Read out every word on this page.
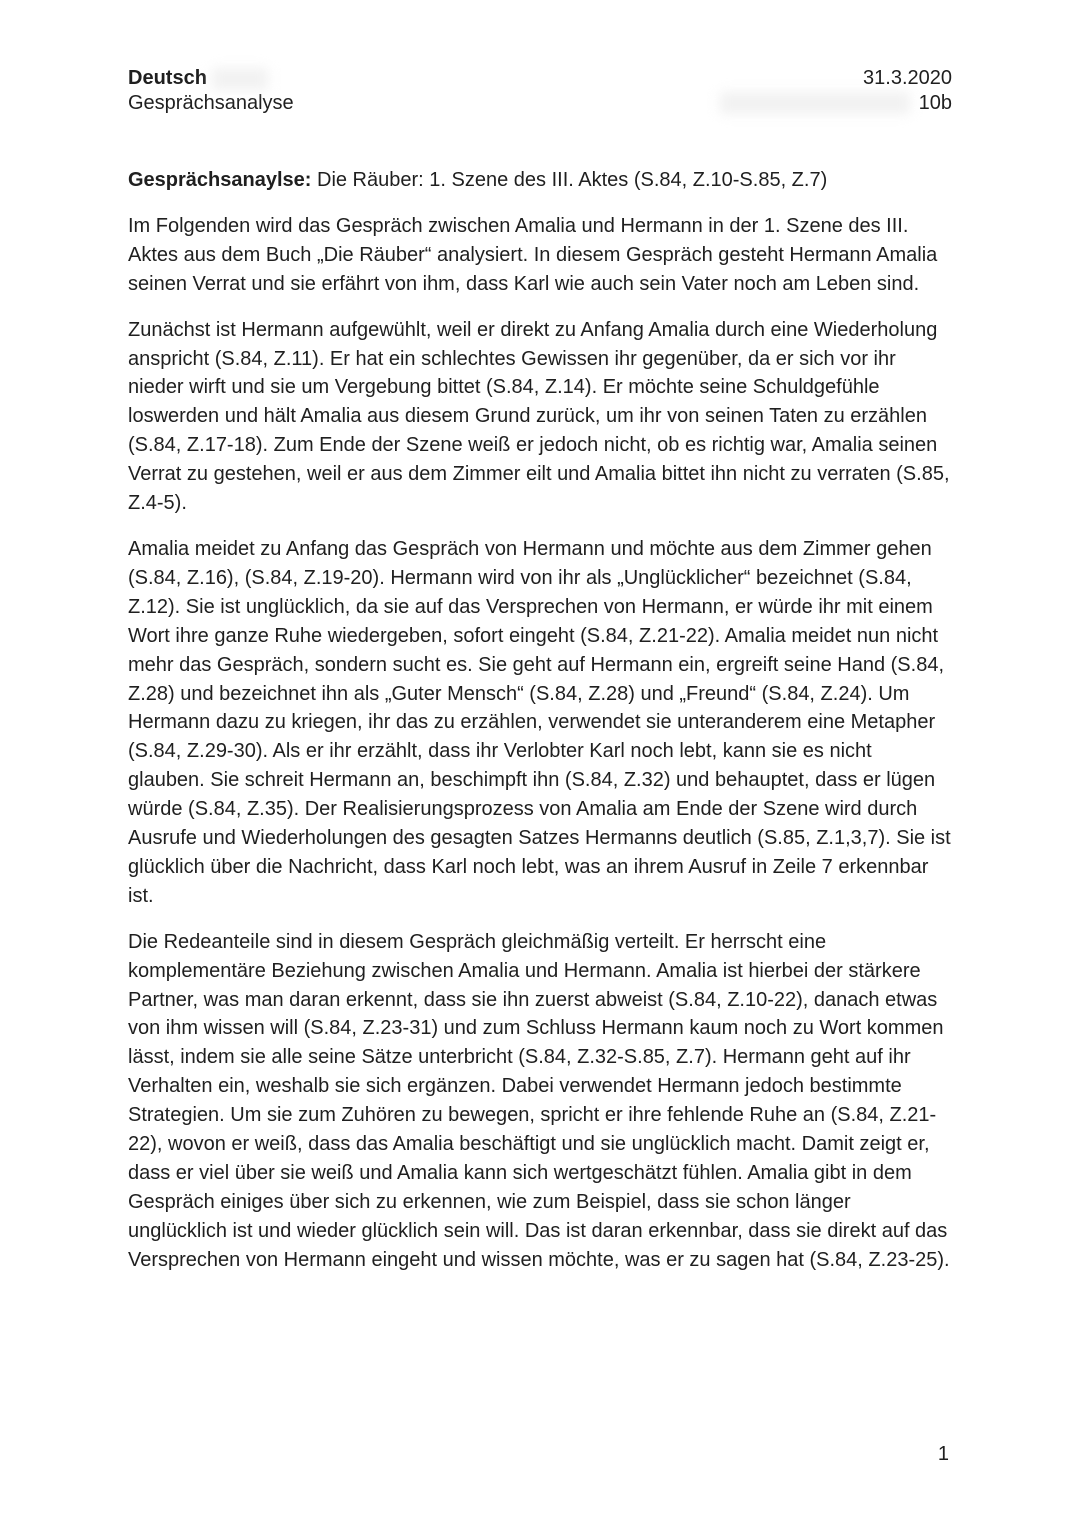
Deutsch
Gesprächsanalyse
31.3.2020
10b
Gesprächsanaylse: Die Räuber: 1. Szene des III. Aktes (S.84, Z.10-S.85, Z.7)

Im Folgenden wird das Gespräch zwischen Amalia und Hermann in der 1. Szene des III. Aktes aus dem Buch „Die Räuber“ analysiert. In diesem Gespräch gesteht Hermann Amalia seinen Verrat und sie erfährt von ihm, dass Karl wie auch sein Vater noch am Leben sind.

Zunächst ist Hermann aufgewühlt, weil er direkt zu Anfang Amalia durch eine Wiederholung anspricht (S.84, Z.11). Er hat ein schlechtes Gewissen ihr gegenüber, da er sich vor ihr nieder wirft und sie um Vergebung bittet (S.84, Z.14). Er möchte seine Schuldgefühle loswerden und hält Amalia aus diesem Grund zurück, um ihr von seinen Taten zu erzählen (S.84, Z.17-18). Zum Ende der Szene weiß er jedoch nicht, ob es richtig war, Amalia seinen Verrat zu gestehen, weil er aus dem Zimmer eilt und Amalia bittet ihn nicht zu verraten (S.85, Z.4-5).

Amalia meidet zu Anfang das Gespräch von Hermann und möchte aus dem Zimmer gehen (S.84, Z.16), (S.84, Z.19-20). Hermann wird von ihr als „Unglücklicher“ bezeichnet (S.84, Z.12). Sie ist unglücklich, da sie auf das Versprechen von Hermann, er würde ihr mit einem Wort ihre ganze Ruhe wiedergeben, sofort eingeht (S.84, Z.21-22). Amalia meidet nun nicht mehr das Gespräch, sondern sucht es. Sie geht auf Hermann ein, ergreift seine Hand (S.84, Z.28) und bezeichnet ihn als „Guter Mensch“ (S.84, Z.28) und „Freund“ (S.84, Z.24). Um Hermann dazu zu kriegen, ihr das zu erzählen, verwendet sie unteranderem eine Metapher (S.84, Z.29-30). Als er ihr erzählt, dass ihr Verlobter Karl noch lebt, kann sie es nicht glauben. Sie schreit Hermann an, beschimpft ihn (S.84, Z.32) und behauptet, dass er lügen würde (S.84, Z.35). Der Realisierungsprozess von Amalia am Ende der Szene wird durch Ausrufe und Wiederholungen des gesagten Satzes Hermanns deutlich (S.85, Z.1,3,7). Sie ist glücklich über die Nachricht, dass Karl noch lebt, was an ihrem Ausruf in Zeile 7 erkennbar ist.

Die Redeanteile sind in diesem Gespräch gleichmäßig verteilt. Er herrscht eine komplementäre Beziehung zwischen Amalia und Hermann. Amalia ist hierbei der stärkere Partner, was man daran erkennt, dass sie ihn zuerst abweist (S.84, Z.10-22), danach etwas von ihm wissen will (S.84, Z.23-31) und zum Schluss Hermann kaum noch zu Wort kommen lässt, indem sie alle seine Sätze unterbricht (S.84, Z.32-S.85, Z.7). Hermann geht auf ihr Verhalten ein, weshalb sie sich ergänzen. Dabei verwendet Hermann jedoch bestimmte Strategien. Um sie zum Zuhören zu bewegen, spricht er ihre fehlende Ruhe an (S.84, Z.21-22), wovon er weiß, dass das Amalia beschäftigt und sie unglücklich macht. Damit zeigt er, dass er viel über sie weiß und Amalia kann sich wertgeschätzt fühlen. Amalia gibt in dem Gespräch einiges über sich zu erkennen, wie zum Beispiel, dass sie schon länger unglücklich ist und wieder glücklich sein will. Das ist daran erkennbar, dass sie direkt auf das Versprechen von Hermann eingeht und wissen möchte, was er zu sagen hat (S.84, Z.23-25).

1
